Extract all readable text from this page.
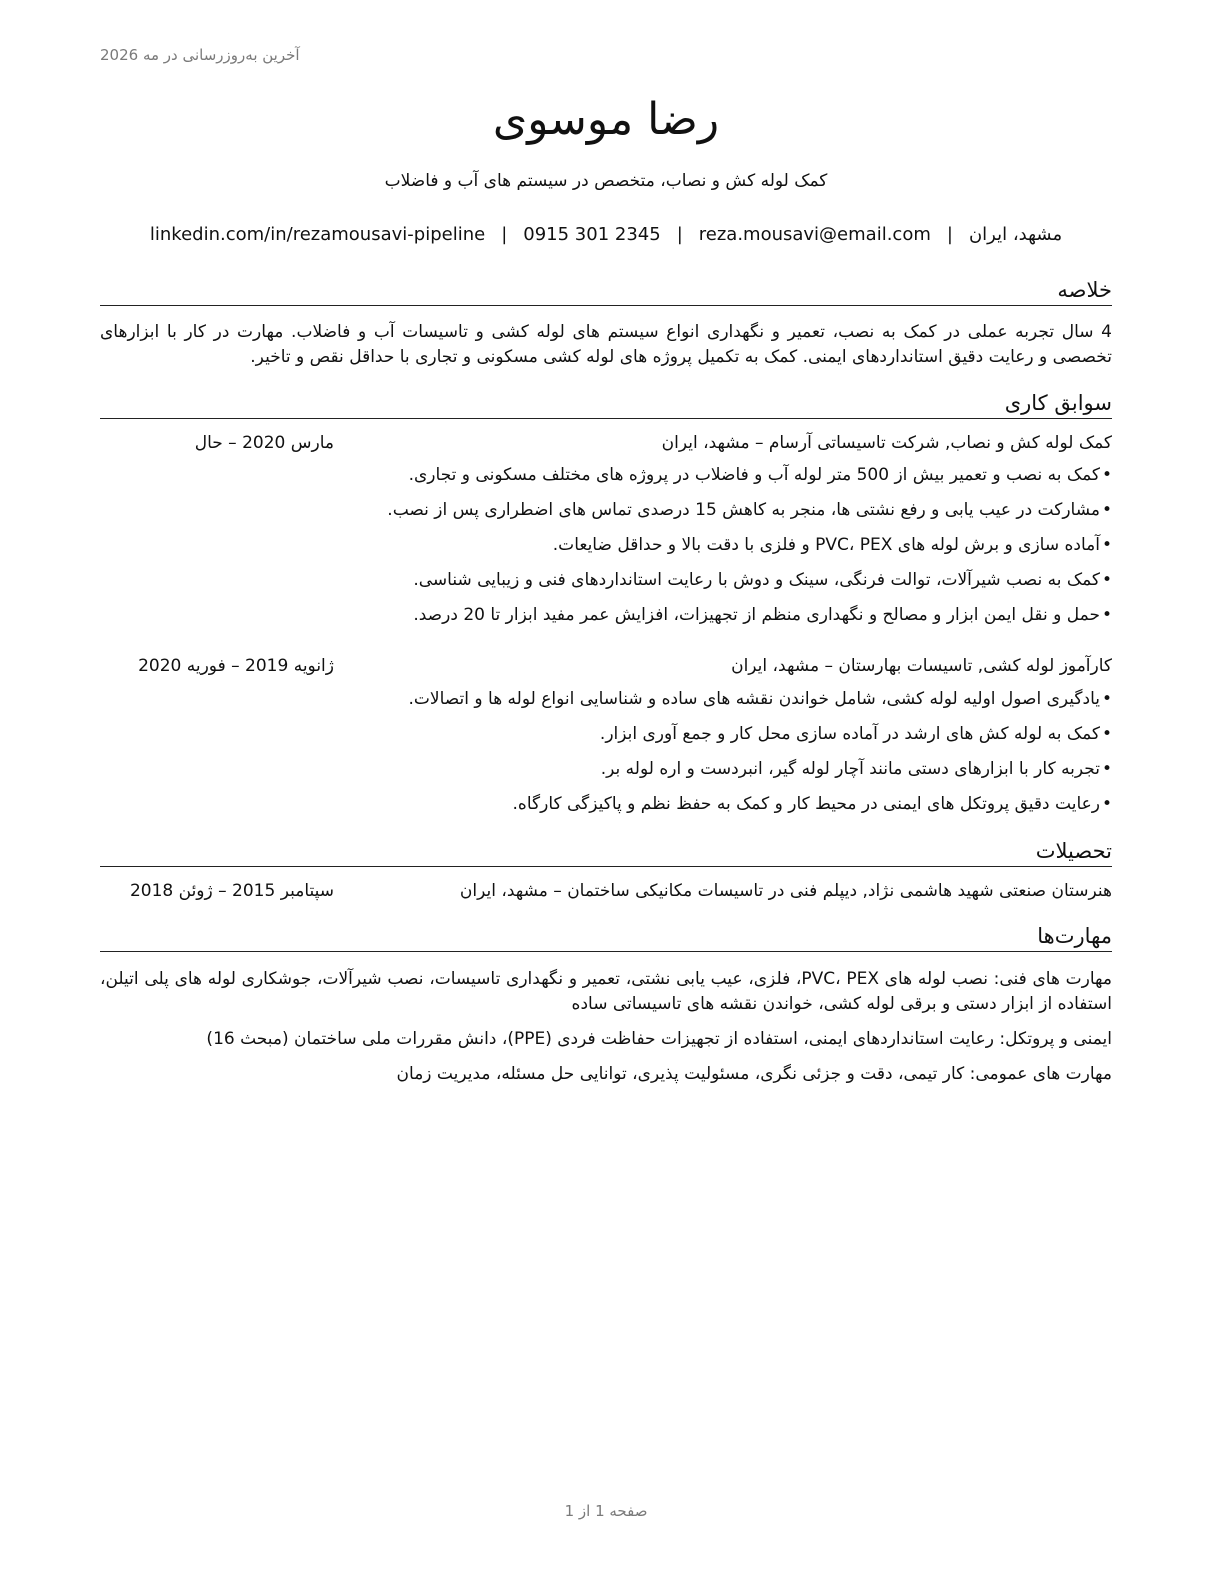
آخرین به‌روزرسانی در مه 2026
رضا موسوی
کمک لوله کش و نصاب، متخصص در سیستم های آب و فاضلاب
مشهد، ایران|reza.mousavi@email.com|0915 301 2345|linkedin.com/in/rezamousavi-pipeline
خلاصه
4 سال تجربه عملی در کمک به نصب، تعمیر و نگهداری انواع سیستم های لوله کشی و تاسیسات آب و فاضلاب. مهارت در کار با ابزارهای تخصصی و رعایت دقیق استانداردهای ایمنی. کمک به تکمیل پروژه های لوله کشی مسکونی و تجاری با حداقل نقص و تاخیر.
سوابق کاری
کمک لوله کش و نصاب, شرکت تاسیساتی آرسام – مشهد، ایران
مارس 2020 – حال
•کمک به نصب و تعمیر بیش از 500 متر لوله آب و فاضلاب در پروژه های مختلف مسکونی و تجاری.
•مشارکت در عیب یابی و رفع نشتی ها، منجر به کاهش 15 درصدی تماس های اضطراری پس از نصب.
•آماده سازی و برش لوله های PVC، PEX و فلزی با دقت بالا و حداقل ضایعات.
•کمک به نصب شیرآلات، توالت فرنگی، سینک و دوش با رعایت استانداردهای فنی و زیبایی شناسی.
•حمل و نقل ایمن ابزار و مصالح و نگهداری منظم از تجهیزات، افزایش عمر مفید ابزار تا 20 درصد.
کارآموز لوله کشی, تاسیسات بهارستان – مشهد، ایران
ژانویه 2019 – فوریه 2020
•یادگیری اصول اولیه لوله کشی، شامل خواندن نقشه های ساده و شناسایی انواع لوله ها و اتصالات.
•کمک به لوله کش های ارشد در آماده سازی محل کار و جمع آوری ابزار.
•تجربه کار با ابزارهای دستی مانند آچار لوله گیر، انبردست و اره لوله بر.
•رعایت دقیق پروتکل های ایمنی در محیط کار و کمک به حفظ نظم و پاکیزگی کارگاه.
تحصیلات
هنرستان صنعتی شهید هاشمی نژاد, دیپلم فنی در تاسیسات مکانیکی ساختمان – مشهد، ایران
سپتامبر 2015 – ژوئن 2018
مهارت‌ها
مهارت های فنی: نصب لوله های PVC، PEX، فلزی، عیب یابی نشتی، تعمیر و نگهداری تاسیسات، نصب شیرآلات، جوشکاری لوله های پلی اتیلن، استفاده از ابزار دستی و برقی لوله کشی، خواندن نقشه های تاسیساتی ساده
ایمنی و پروتکل: رعایت استانداردهای ایمنی، استفاده از تجهیزات حفاظت فردی (PPE)، دانش مقررات ملی ساختمان (مبحث 16)
مهارت های عمومی: کار تیمی، دقت و جزئی نگری، مسئولیت پذیری، توانایی حل مسئله، مدیریت زمان
صفحه 1 از 1
